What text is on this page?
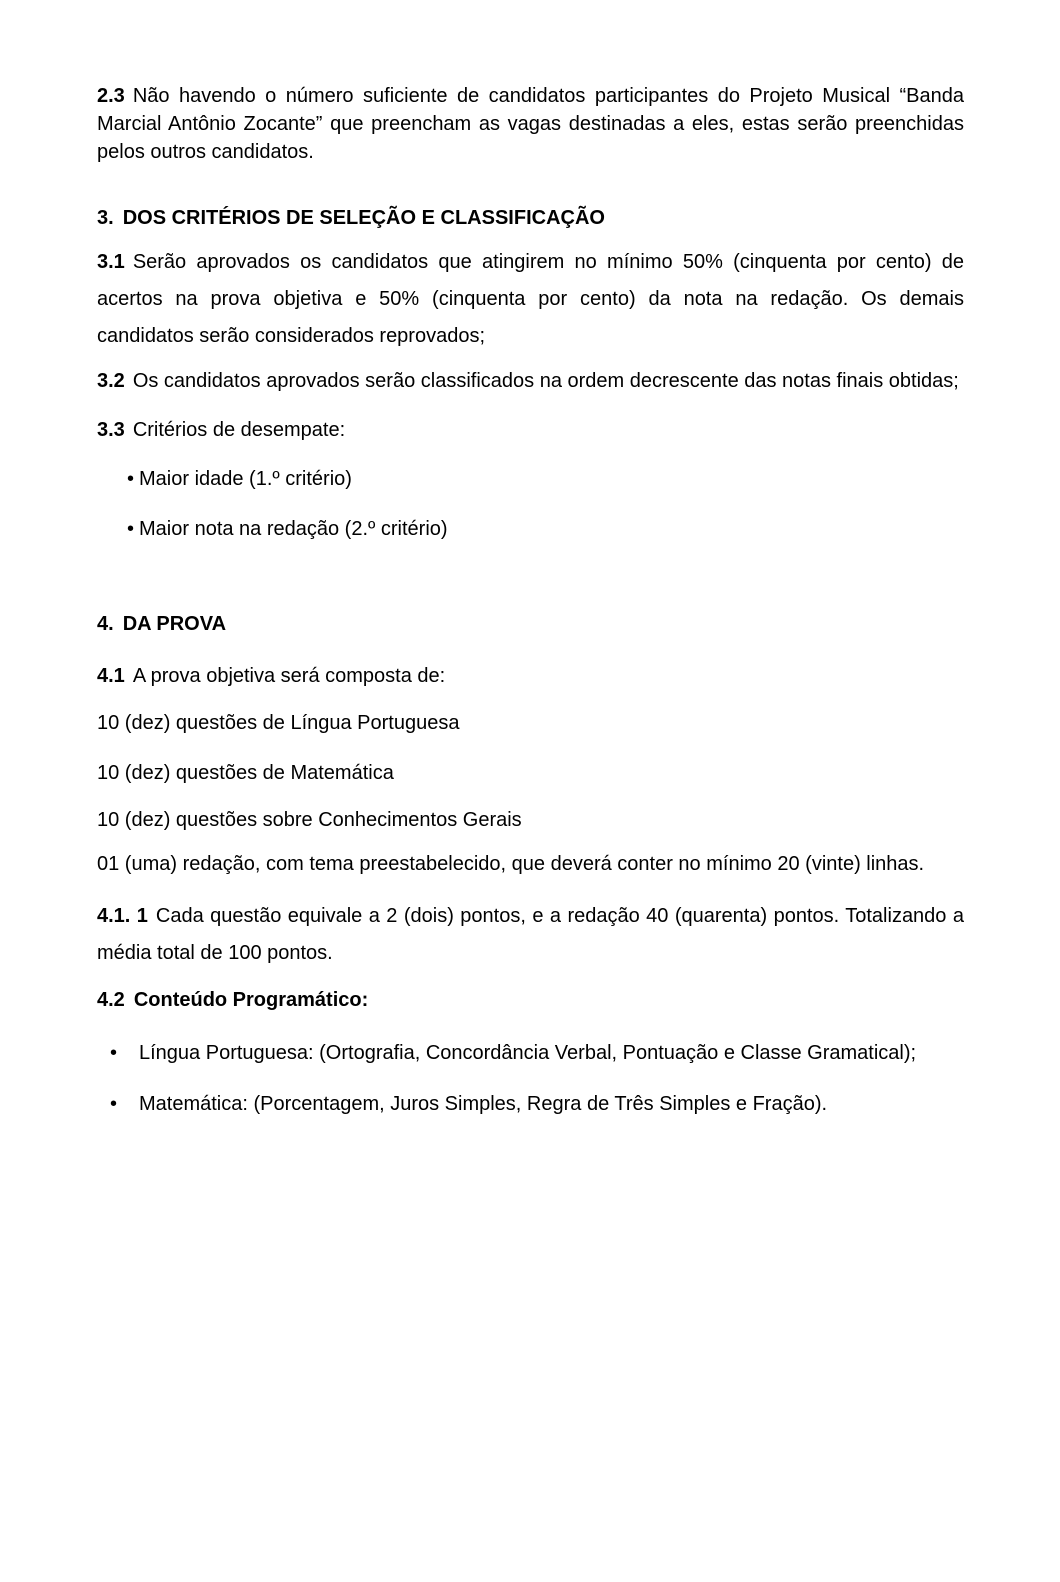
2.3 Não havendo o número suficiente de candidatos participantes do Projeto Musical “Banda Marcial Antônio Zocante” que preencham as vagas destinadas a eles, estas serão preenchidas pelos outros candidatos.

3. DOS CRITÉRIOS DE SELEÇÃO E CLASSIFICAÇÃO

3.1 Serão aprovados os candidatos que atingirem no mínimo 50% (cinquenta por cento) de acertos na prova objetiva e 50% (cinquenta por cento) da nota na redação. Os demais candidatos serão considerados reprovados;

3.2 Os candidatos aprovados serão classificados na ordem decrescente das notas finais obtidas;

3.3 Critérios de desempate:

• Maior idade (1.º critério)

• Maior nota na redação (2.º critério)

4. DA PROVA

4.1 A prova objetiva será composta de:

10 (dez) questões de Língua Portuguesa

10 (dez) questões de Matemática

10 (dez) questões sobre Conhecimentos Gerais

01 (uma) redação, com tema preestabelecido, que deverá conter no mínimo 20 (vinte) linhas.

4.1. 1 Cada questão equivale a 2 (dois) pontos, e a redação 40 (quarenta) pontos. Totalizando a média total de 100 pontos.

4.2 Conteúdo Programático:

• Língua Portuguesa: (Ortografia, Concordância Verbal, Pontuação e Classe Gramatical);

• Matemática: (Porcentagem, Juros Simples, Regra de Três Simples e Fração).
